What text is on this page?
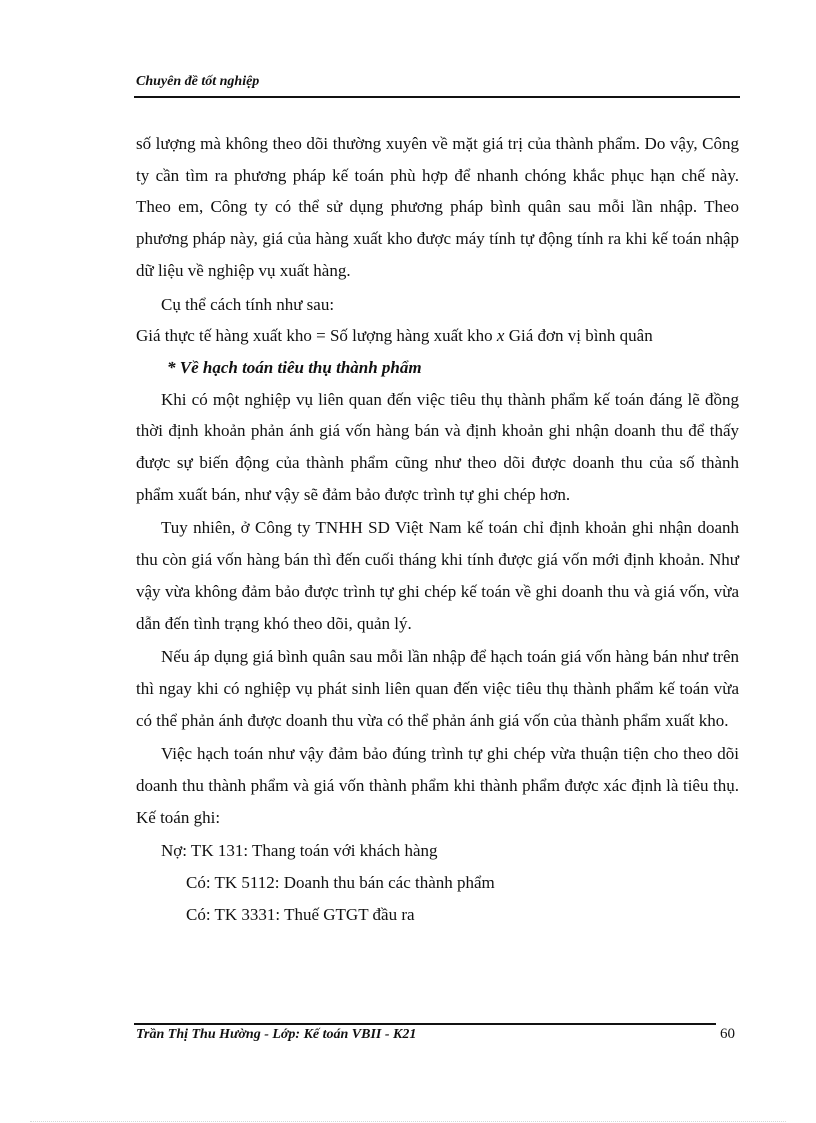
Chuyên đề tốt nghiệp

số lượng mà không theo dõi thường xuyên về mặt giá trị của thành phẩm. Do vậy, Công ty cần tìm ra phương pháp kế toán phù hợp để nhanh chóng khắc phục hạn chế này. Theo em, Công ty có thể sử dụng phương pháp bình quân sau mỗi lần nhập. Theo phương pháp này, giá của hàng xuất kho được máy tính tự động tính ra khi kế toán nhập dữ liệu về nghiệp vụ xuất hàng.

Cụ thể cách tính như sau:

Giá thực tế hàng xuất kho = Số lượng hàng xuất kho x Giá đơn vị bình quân

* Về hạch toán tiêu thụ thành phẩm

Khi có một nghiệp vụ liên quan đến việc tiêu thụ thành phẩm kế toán đáng lẽ đồng thời định khoản phản ánh giá vốn hàng bán và định khoản ghi nhận doanh thu để thấy được sự biến động của thành phẩm cũng như theo dõi được doanh thu của số thành phẩm xuất bán, như vậy sẽ đảm bảo được trình tự ghi chép hơn.

Tuy nhiên, ở Công ty TNHH SD Việt Nam kế toán chỉ định khoản ghi nhận doanh thu còn giá vốn hàng bán thì đến cuối tháng khi tính được giá vốn mới định khoản. Như vậy vừa không đảm bảo được trình tự ghi chép kế toán về ghi doanh thu và giá vốn, vừa dẫn đến tình trạng khó theo dõi, quản lý.

Nếu áp dụng giá bình quân sau mỗi lần nhập để hạch toán giá vốn hàng bán như trên thì ngay khi có nghiệp vụ phát sinh liên quan đến việc tiêu thụ thành phẩm kế toán vừa có thể phản ánh được doanh thu vừa có thể phản ánh giá vốn của thành phẩm xuất kho.

Việc hạch toán như vậy đảm bảo đúng trình tự ghi chép vừa thuận tiện cho theo dõi doanh thu thành phẩm và giá vốn thành phẩm khi thành phẩm được xác định là tiêu thụ. Kế toán ghi:

Nợ: TK 131: Thang toán với khách hàng

Có: TK 5112: Doanh thu bán các thành phẩm

Có: TK 3331: Thuế GTGT đầu ra

Trần Thị Thu Hường - Lớp: Kế toán VBII - K21	60
